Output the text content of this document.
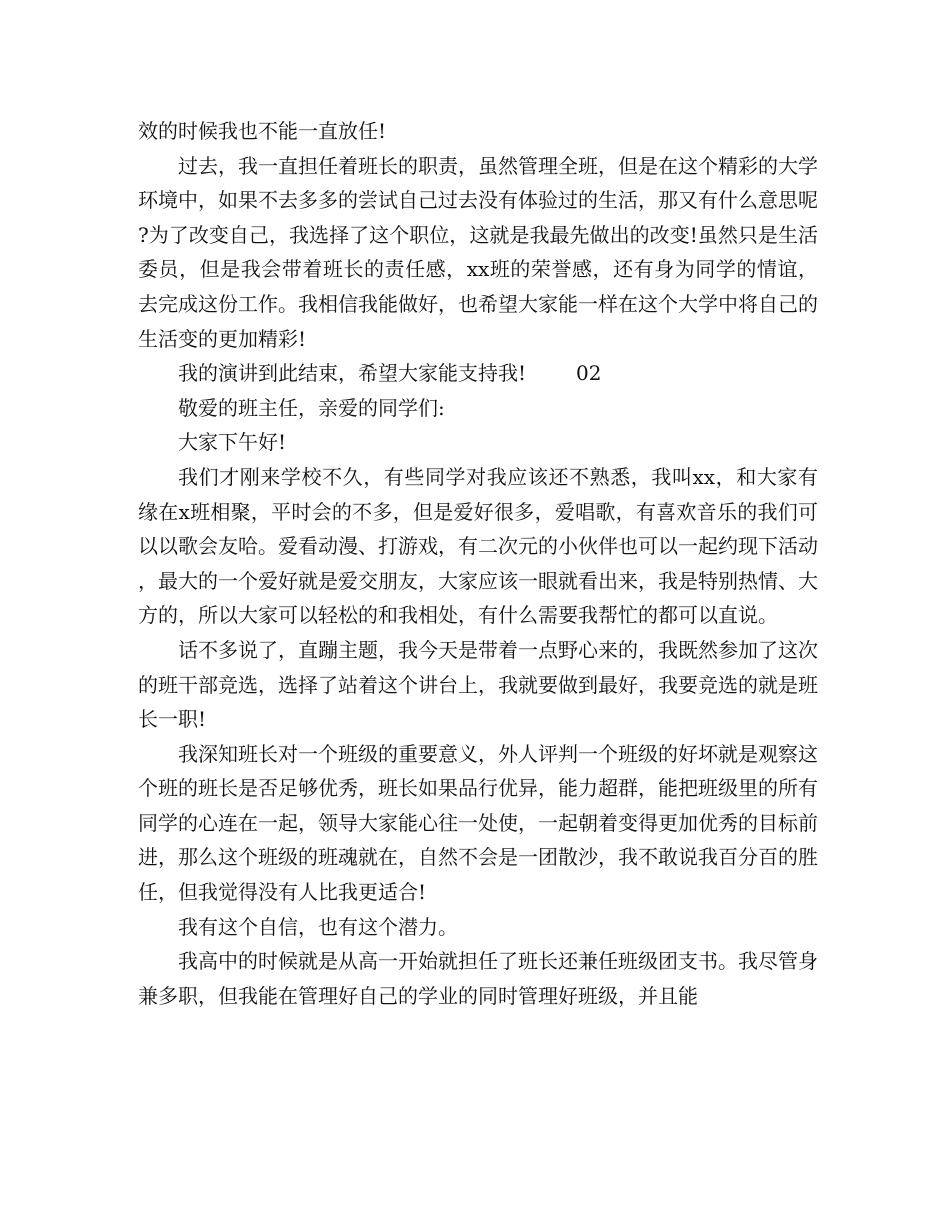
效的时候我也不能一直放任!

过去，我一直担任着班长的职责，虽然管理全班，但是在这个精彩的大学环境中，如果不去多多的尝试自己过去没有体验过的生活，那又有什么意思呢?为了改变自己，我选择了这个职位，这就是我最先做出的改变!虽然只是生活委员，但是我会带着班长的责任感，xx班的荣誉感，还有身为同学的情谊，去完成这份工作。我相信我能做好，也希望大家能一样在这个大学中将自己的生活变的更加精彩!

我的演讲到此结束，希望大家能支持我!	02

敬爱的班主任，亲爱的同学们:

大家下午好!

我们才刚来学校不久，有些同学对我应该还不熟悉，我叫xx，和大家有缘在x班相聚，平时会的不多，但是爱好很多，爱唱歌，有喜欢音乐的我们可以以歌会友哈。爱看动漫、打游戏，有二次元的小伙伴也可以一起约现下活动，最大的一个爱好就是爱交朋友，大家应该一眼就看出来，我是特别热情、大方的，所以大家可以轻松的和我相处，有什么需要我帮忙的都可以直说。

话不多说了，直蹦主题，我今天是带着一点野心来的，我既然参加了这次的班干部竞选，选择了站着这个讲台上，我就要做到最好，我要竞选的就是班长一职!

我深知班长对一个班级的重要意义，外人评判一个班级的好坏就是观察这个班的班长是否足够优秀，班长如果品行优异，能力超群，能把班级里的所有同学的心连在一起，领导大家能心往一处使，一起朝着变得更加优秀的目标前进，那么这个班级的班魂就在，自然不会是一团散沙，我不敢说我百分百的胜任，但我觉得没有人比我更适合!

我有这个自信，也有这个潜力。

我高中的时候就是从高一开始就担任了班长还兼任班级团支书。我尽管身兼多职，但我能在管理好自己的学业的同时管理好班级，并且能
